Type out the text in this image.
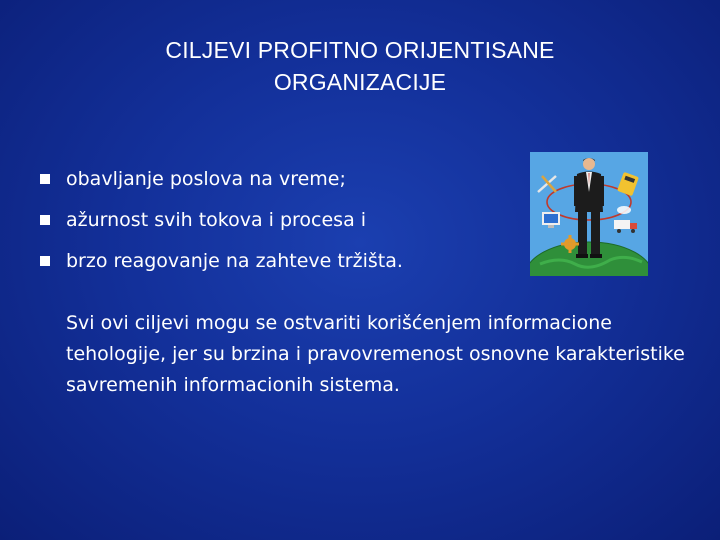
CILJEVI PROFITNO ORIJENTISANE
ORGANIZACIJE
obavljanje poslova na vreme;
ažurnost svih tokova i procesa i
brzo reagovanje na zahteve tržišta.
Svi ovi ciljevi mogu se ostvariti korišćenjem informacione tehologije, jer su brzina i pravovremenost osnovne karakteristike savremenih informacionih sistema.
